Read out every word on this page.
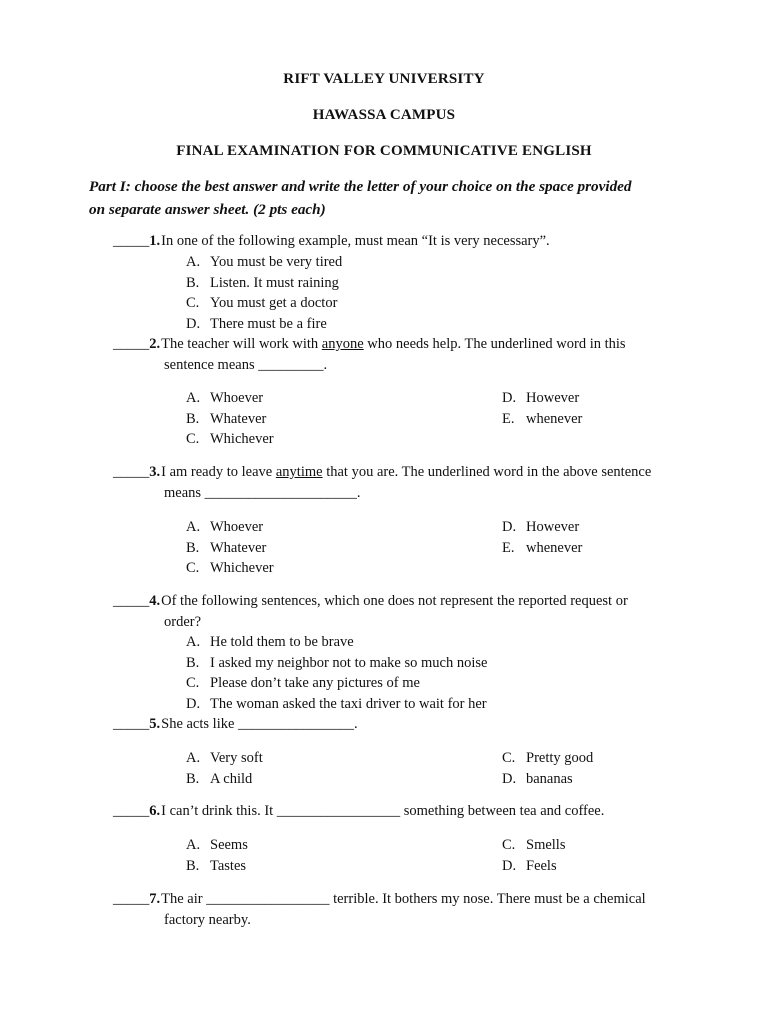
RIFT VALLEY UNIVERSITY
HAWASSA CAMPUS
FINAL EXAMINATION FOR COMMUNICATIVE ENGLISH
Part I: choose the best answer and write the letter of your choice on the space provided
on separate answer sheet. (2 pts each)
_____1. In one of the following example, must mean “It is very necessary”.
A. You must be very tired
B. Listen. It must raining
C. You must get a doctor
D. There must be a fire
_____2. The teacher will work with anyone who needs help. The underlined word in this
sentence means _________.
A. Whoever
B. Whatever
C. Whichever
D. However
E. whenever
_____3. I am ready to leave anytime that you are. The underlined word in the above sentence
means _____________________.
A. Whoever
B. Whatever
C. Whichever
D. However
E. whenever
_____4. Of the following sentences, which one does not represent the reported request or
order?
A. He told them to be brave
B. I asked my neighbor not to make so much noise
C. Please don’t take any pictures of me
D. The woman asked the taxi driver to wait for her
_____5. She acts like ________________.
A. Very soft
B. A child
C. Pretty good
D. bananas
_____6. I can’t drink this. It _________________ something between tea and coffee.
A. Seems
B. Tastes
C. Smells
D. Feels
_____7. The air _________________ terrible. It bothers my nose. There must be a chemical
factory nearby.
